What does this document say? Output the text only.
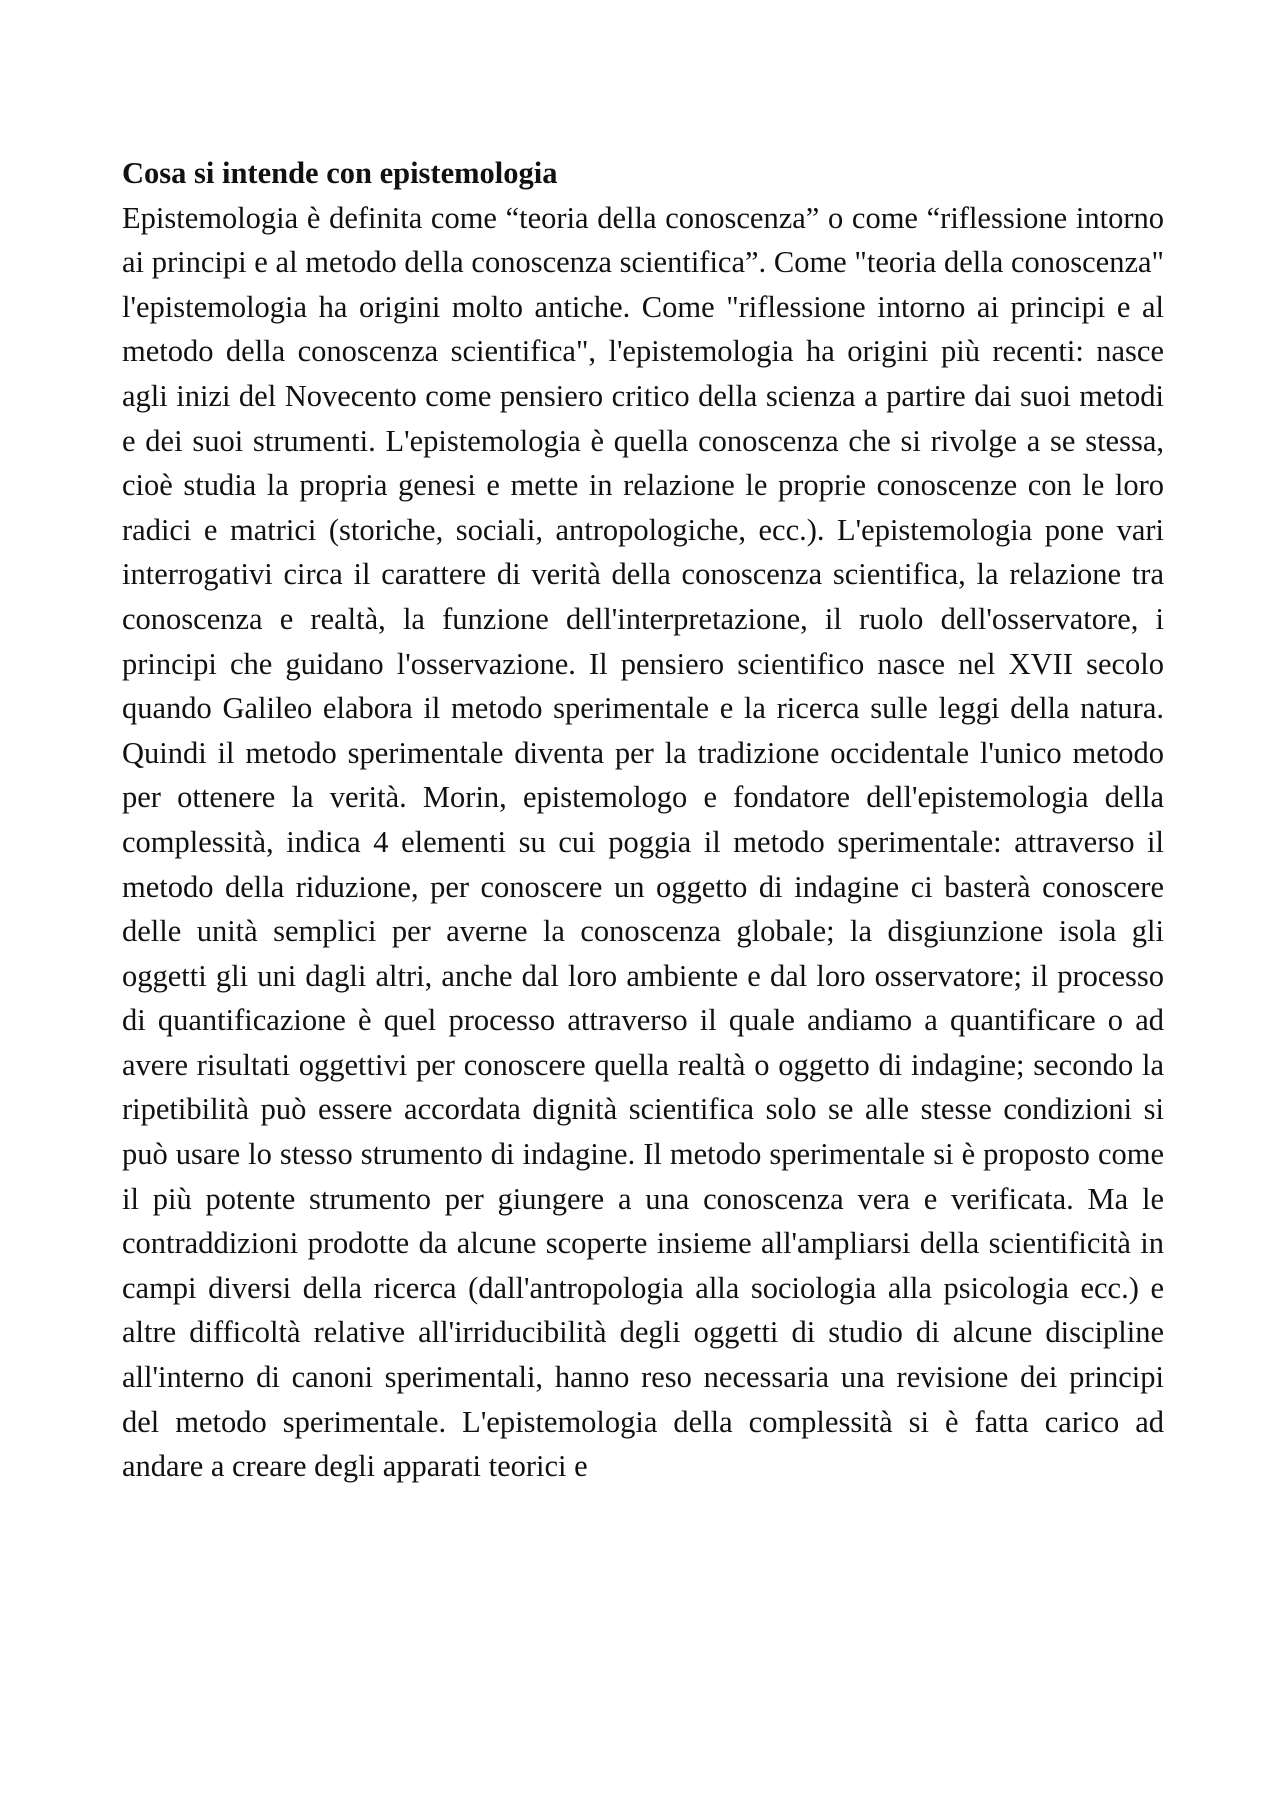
Cosa si intende con epistemologia

Epistemologia è definita come “teoria della conoscenza” o come “riflessione intorno ai principi e al metodo della conoscenza scientifica”. Come "teoria della conoscenza" l'epistemologia ha origini molto antiche. Come "riflessione intorno ai principi e al metodo della conoscenza scientifica", l'epistemologia ha origini più recenti: nasce agli inizi del Novecento come pensiero critico della scienza a partire dai suoi metodi e dei suoi strumenti. L'epistemologia è quella conoscenza che si rivolge a se stessa, cioè studia la propria genesi e mette in relazione le proprie conoscenze con le loro radici e matrici (storiche, sociali, antropologiche, ecc.). L'epistemologia pone vari interrogativi circa il carattere di verità della conoscenza scientifica, la relazione tra conoscenza e realtà, la funzione dell'interpretazione, il ruolo dell'osservatore, i principi che guidano l'osservazione. Il pensiero scientifico nasce nel XVII secolo quando Galileo elabora il metodo sperimentale e la ricerca sulle leggi della natura. Quindi il metodo sperimentale diventa per la tradizione occidentale l'unico metodo per ottenere la verità. Morin, epistemologo e fondatore dell'epistemologia della complessità, indica 4 elementi su cui poggia il metodo sperimentale: attraverso il metodo della riduzione, per conoscere un oggetto di indagine ci basterà conoscere delle unità semplici per averne la conoscenza globale; la disgiunzione isola gli oggetti gli uni dagli altri, anche dal loro ambiente e dal loro osservatore; il processo di quantificazione è quel processo attraverso il quale andiamo a quantificare o ad avere risultati oggettivi per conoscere quella realtà o oggetto di indagine; secondo la ripetibilità può essere accordata dignità scientifica solo se alle stesse condizioni si può usare lo stesso strumento di indagine. Il metodo sperimentale si è proposto come il più potente strumento per giungere a una conoscenza vera e verificata. Ma le contraddizioni prodotte da alcune scoperte insieme all'ampliarsi della scientificità in campi diversi della ricerca (dall'antropologia alla sociologia alla psicologia ecc.) e altre difficoltà relative all'irriducibilità degli oggetti di studio di alcune discipline all'interno di canoni sperimentali, hanno reso necessaria una revisione dei principi del metodo sperimentale. L'epistemologia della complessità si è fatta carico ad andare a creare degli apparati teorici e
